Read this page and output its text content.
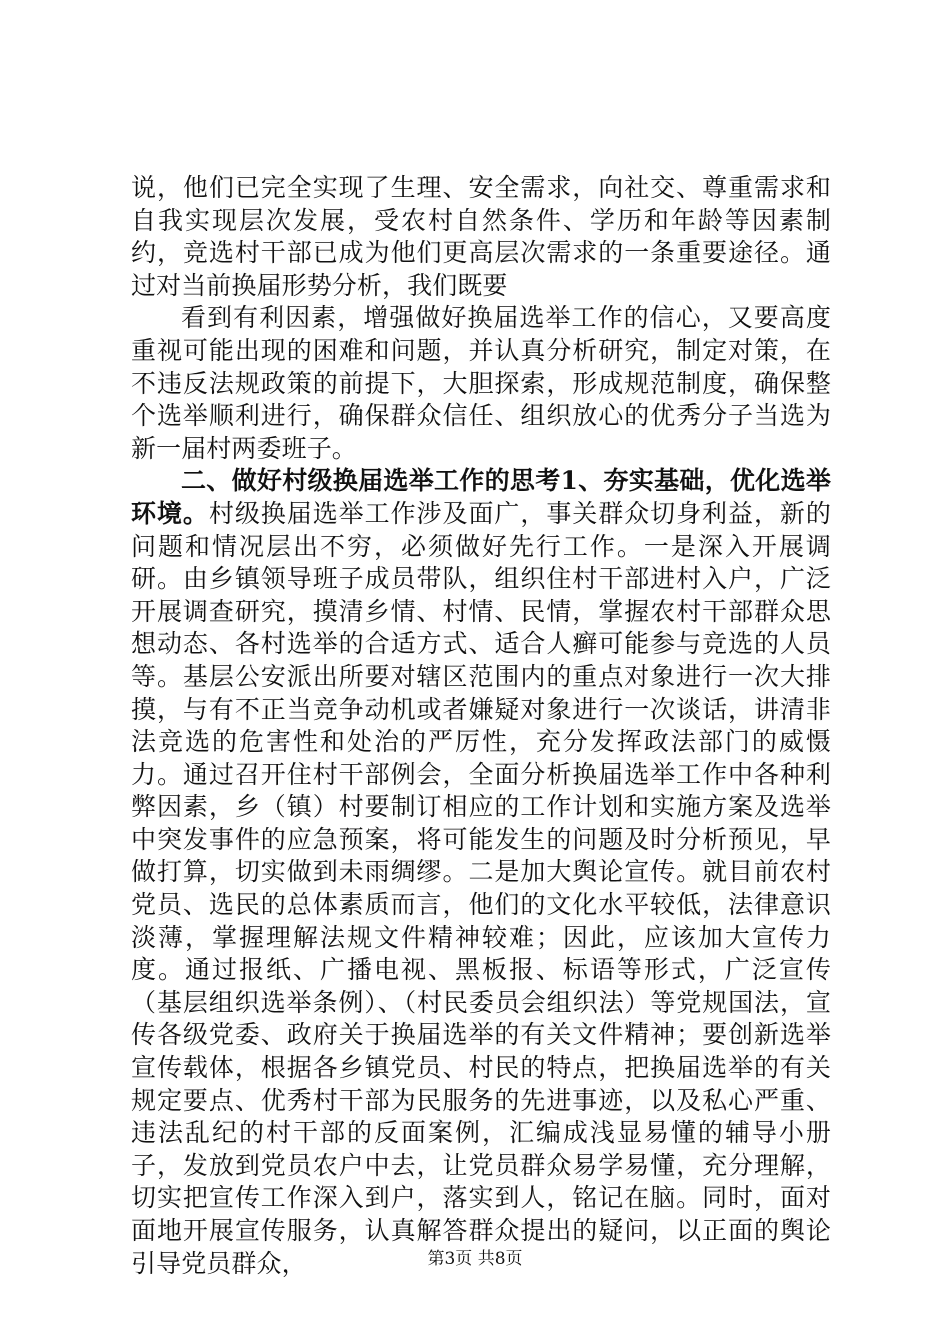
说，他们已完全实现了生理、安全需求，向社交、尊重需求和自我实现层次发展，受农村自然条件、学历和年龄等因素制约，竞选村干部已成为他们更高层次需求的一条重要途径。通过对当前换届形势分析，我们既要

看到有利因素，增强做好换届选举工作的信心，又要高度重视可能出现的困难和问题，并认真分析研究，制定对策，在不违反法规政策的前提下，大胆探索，形成规范制度，确保整个选举顺利进行，确保群众信任、组织放心的优秀分子当选为新一届村两委班子。

二、做好村级换届选举工作的思考1、夯实基础，优化选举环境。村级换届选举工作涉及面广，事关群众切身利益，新的问题和情况层出不穷，必须做好先行工作。一是深入开展调研。由乡镇领导班子成员带队，组织住村干部进村入户，广泛开展调查研究，摸清乡情、村情、民情，掌握农村干部群众思想动态、各村选举的合适方式、适合人癣可能参与竞选的人员等。基层公安派出所要对辖区范围内的重点对象进行一次大排摸，与有不正当竞争动机或者嫌疑对象进行一次谈话，讲清非法竞选的危害性和处治的严厉性，充分发挥政法部门的威慑力。通过召开住村干部例会，全面分析换届选举工作中各种利弊因素，乡（镇）村要制订相应的工作计划和实施方案及选举中突发事件的应急预案，将可能发生的问题及时分析预见，早做打算，切实做到未雨绸缪。二是加大舆论宣传。就目前农村党员、选民的总体素质而言，他们的文化水平较低，法律意识淡薄，掌握理解法规文件精神较难；因此，应该加大宣传力度。通过报纸、广播电视、黑板报、标语等形式，广泛宣传（基层组织选举条例）、（村民委员会组织法）等党规国法，宣传各级党委、政府关于换届选举的有关文件精神；要创新选举宣传载体，根据各乡镇党员、村民的特点，把换届选举的有关规定要点、优秀村干部为民服务的先进事迹，以及私心严重、违法乱纪的村干部的反面案例，汇编成浅显易懂的辅导小册子，发放到党员农户中去，让党员群众易学易懂，充分理解，切实把宣传工作深入到户，落实到人，铭记在脑。同时，面对面地开展宣传服务，认真解答群众提出的疑问，以正面的舆论引导党员群众，	第3页 共8页
